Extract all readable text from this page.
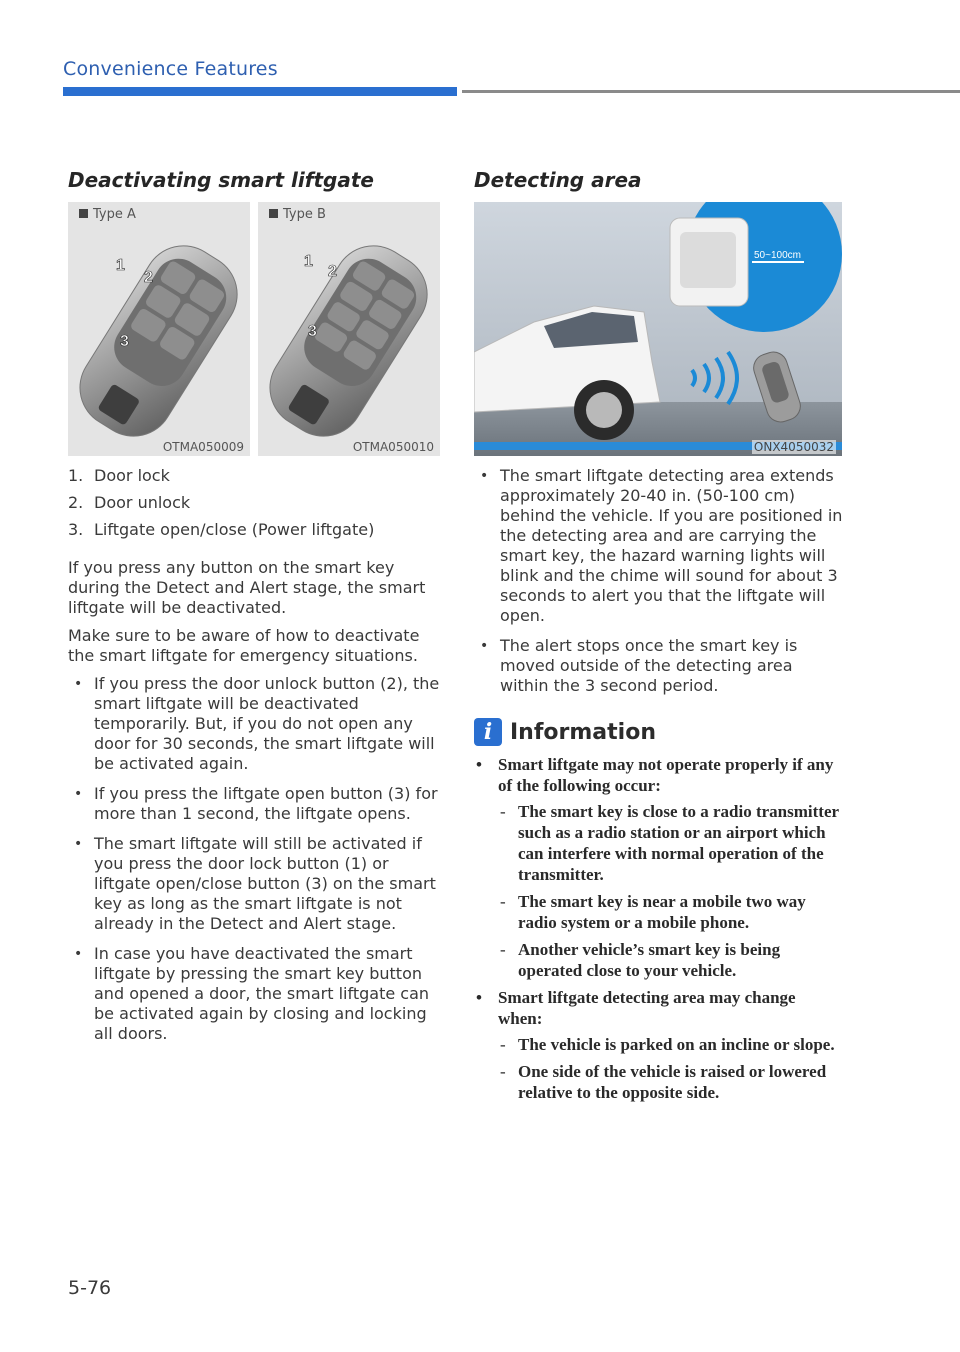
Convenience Features
Deactivating smart liftgate
Type A
1
2
3
OTMA050009
Type B
1
2
3
OTMA050010
1. Door lock
2. Door unlock
3. Liftgate open/close (Power liftgate)

If you press any button on the smart key during the Detect and Alert stage, the smart liftgate will be deactivated.

Make sure to be aware of how to deactivate the smart liftgate for emergency situations.

• If you press the door unlock button (2), the smart liftgate will be deactivated temporarily. But, if you do not open any door for 30 seconds, the smart liftgate will be activated again.
• If you press the liftgate open button (3) for more than 1 second, the liftgate opens.
• The smart liftgate will still be activated if you press the door lock button (1) or liftgate open/close button (3) on the smart key as long as the smart liftgate is not already in the Detect and Alert stage.
• In case you have deactivated the smart liftgate by pressing the smart key button and opened a door, the smart liftgate can be activated again by closing and locking all doors.
Detecting area
50~100cm
ONX4050032
• The smart liftgate detecting area extends approximately 20-40 in. (50-100 cm) behind the vehicle. If you are positioned in the detecting area and are carrying the smart key, the hazard warning lights will blink and the chime will sound for about 3 seconds to alert you that the liftgate will open.
• The alert stops once the smart key is moved outside of the detecting area within the 3 second period.
i Information
• Smart liftgate may not operate properly if any of the following occur:
- The smart key is close to a radio transmitter such as a radio station or an airport which can interfere with normal operation of the transmitter.
- The smart key is near a mobile two way radio system or a mobile phone.
- Another vehicle’s smart key is being operated close to your vehicle.
• Smart liftgate detecting area may change when:
- The vehicle is parked on an incline or slope.
- One side of the vehicle is raised or lowered relative to the opposite side.
5-76
